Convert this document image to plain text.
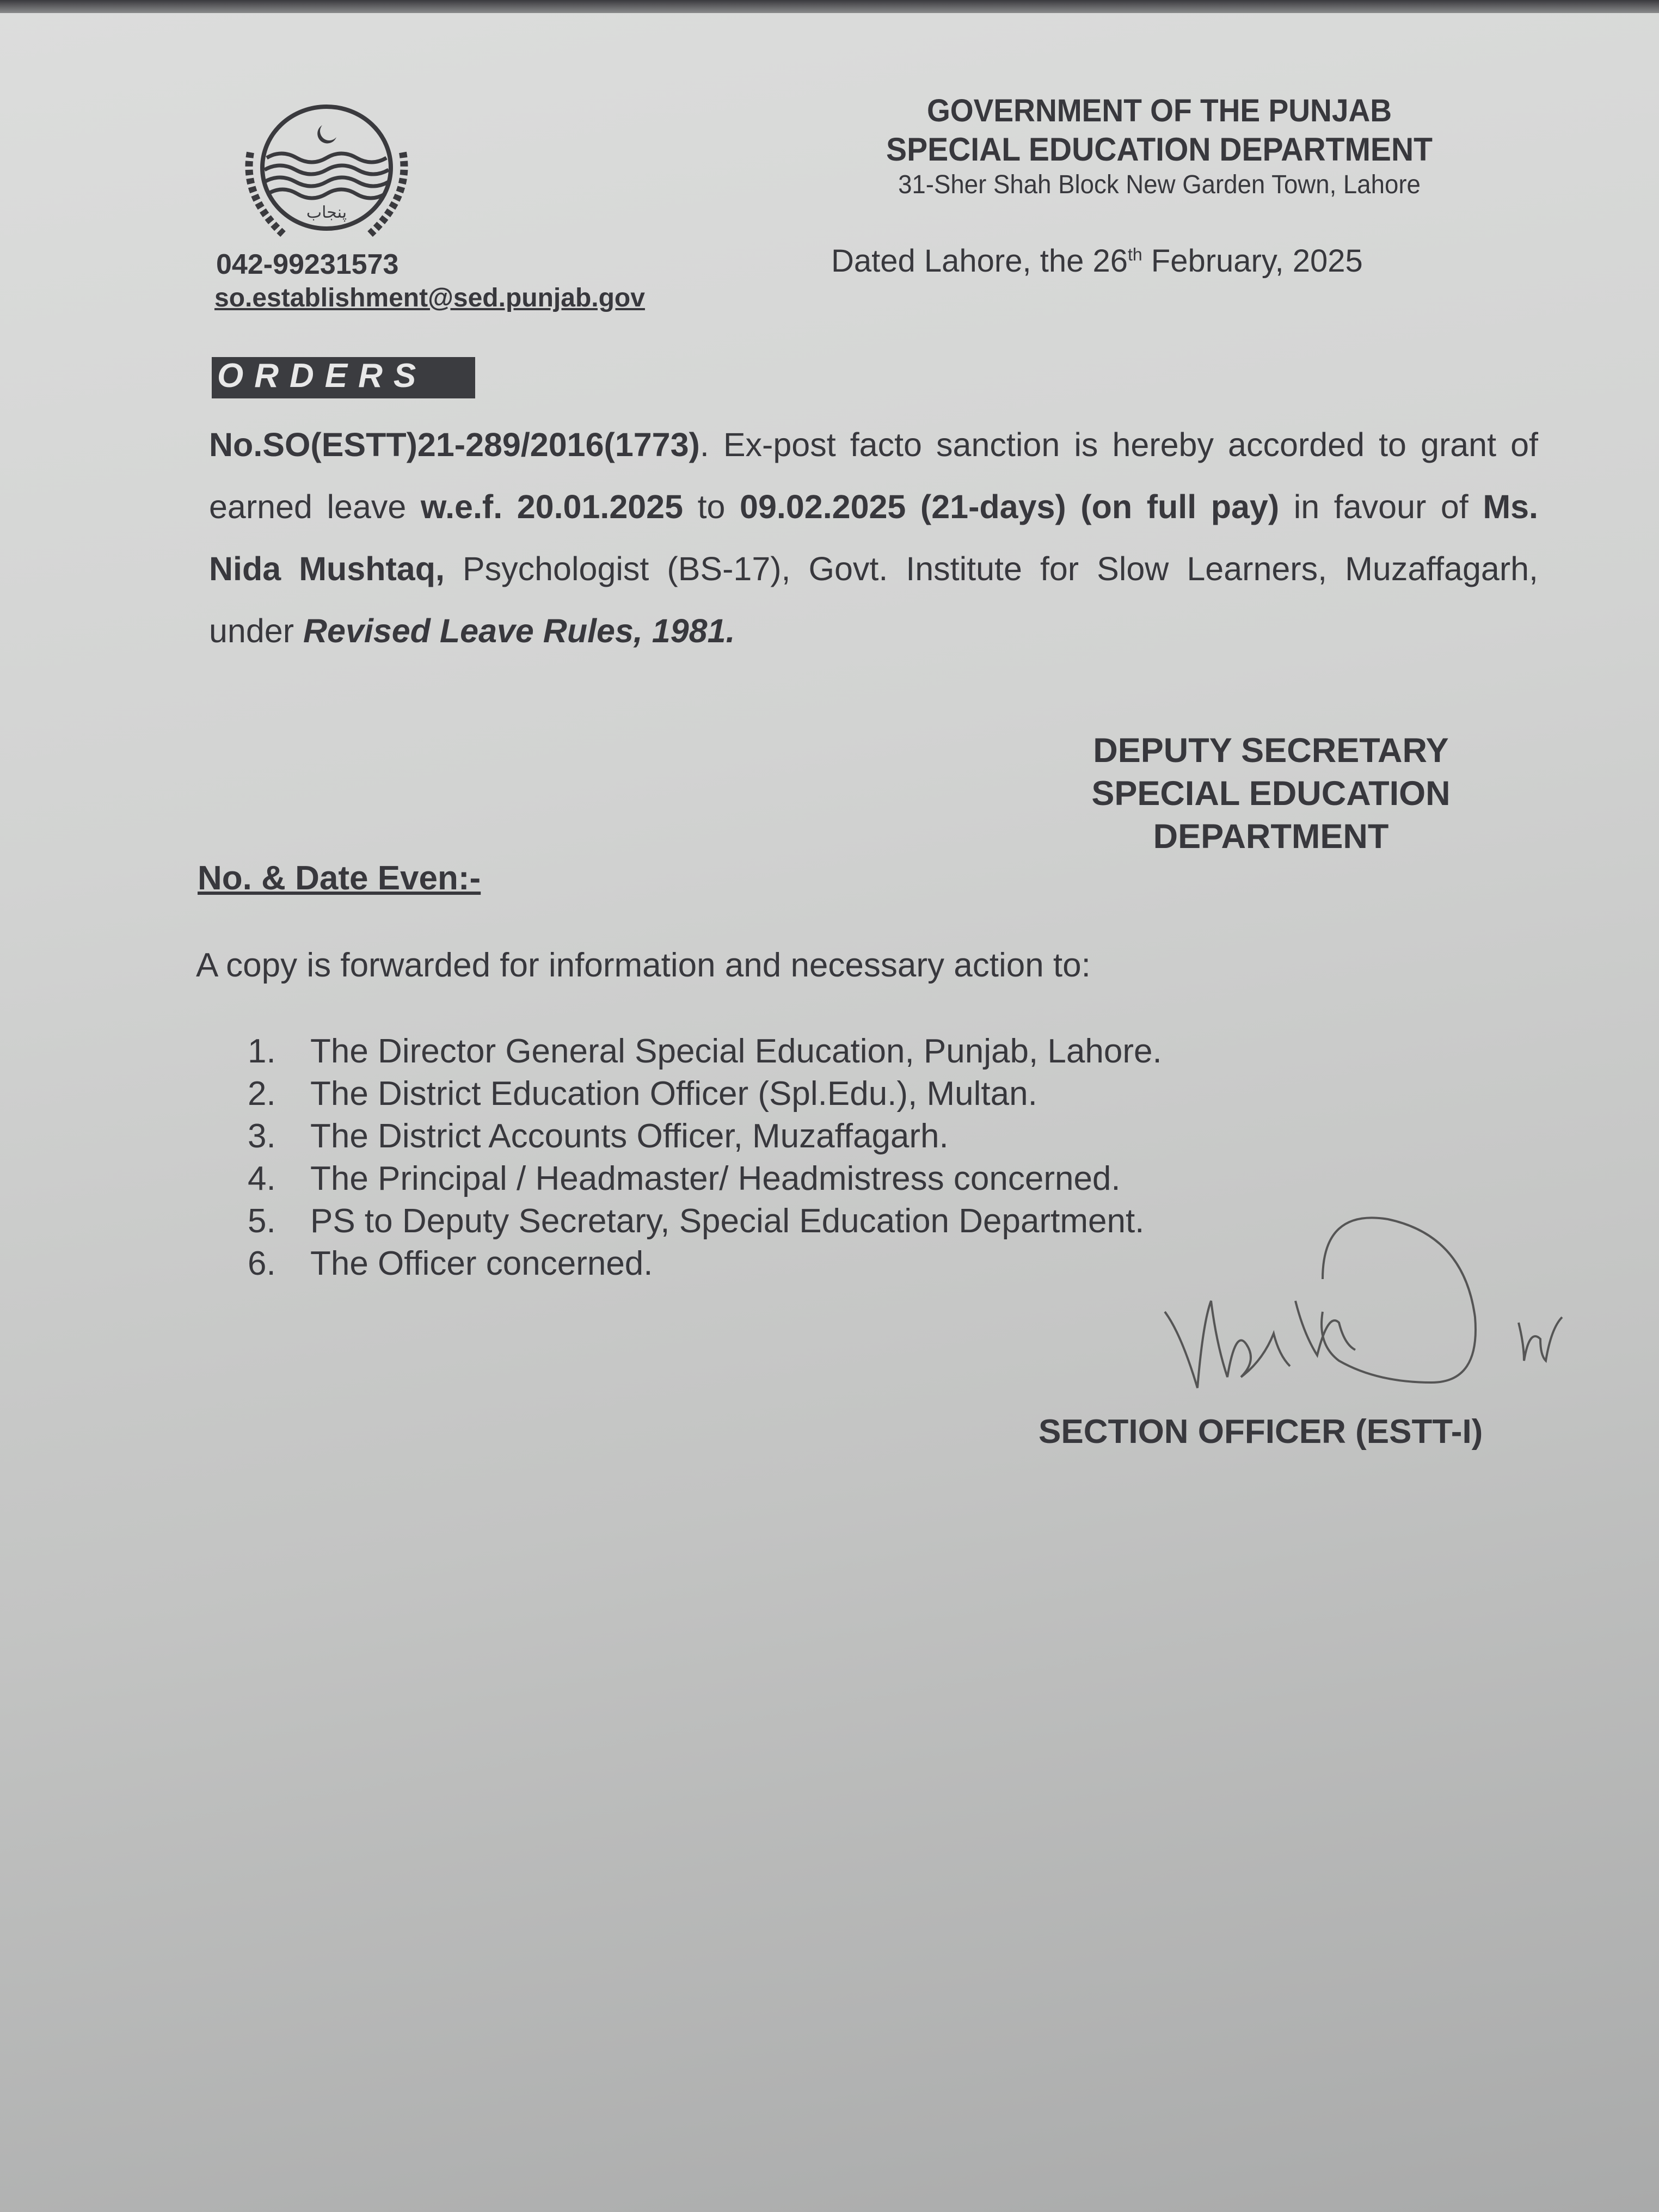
پنجاب
GOVERNMENT OF THE PUNJAB
SPECIAL EDUCATION DEPARTMENT
31-Sher Shah Block New Garden Town, Lahore
042-99231573
so.establishment@sed.punjab.gov
Dated Lahore, the 26th February, 2025
ORDERS
No.SO(ESTT)21-289/2016(1773). Ex-post facto sanction is hereby accorded to grant of earned leave w.e.f. 20.01.2025 to 09.02.2025 (21-days) (on full pay) in favour of Ms. Nida Mushtaq, Psychologist (BS-17), Govt. Institute for Slow Learners, Muzaffagarh, under Revised Leave Rules, 1981.
DEPUTY SECRETARY
SPECIAL EDUCATION
DEPARTMENT
No. & Date Even:-
A copy is forwarded for information and necessary action to:
1.	The Director General Special Education, Punjab, Lahore.
2.	The District Education Officer (Spl.Edu.), Multan.
3.	The District Accounts Officer, Muzaffagarh.
4.	The Principal / Headmaster/ Headmistress concerned.
5.	PS to Deputy Secretary, Special Education Department.
6.	The Officer concerned.
SECTION OFFICER (ESTT-I)
